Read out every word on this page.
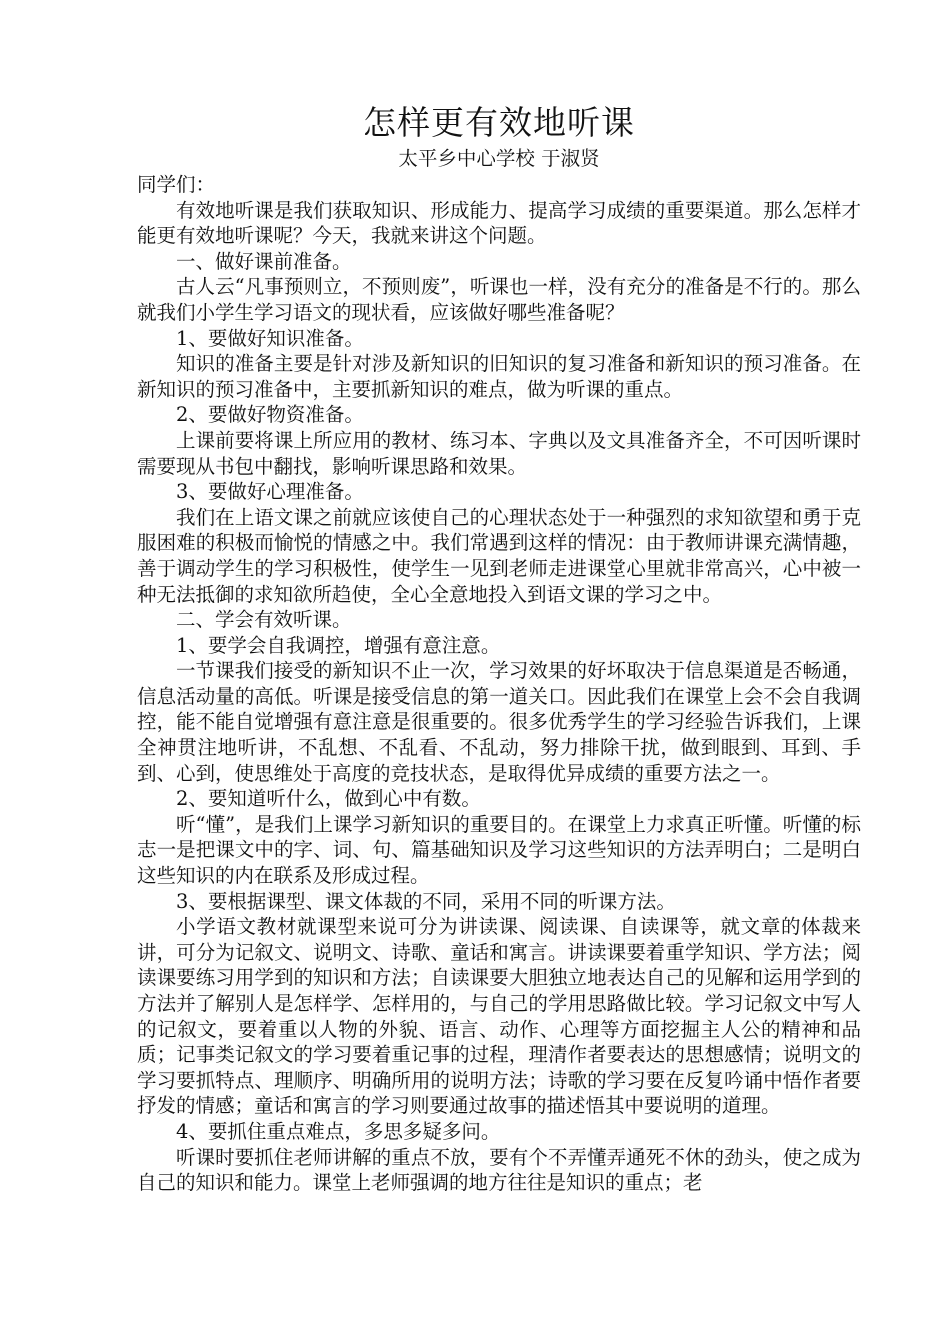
怎样更有效地听课

太平乡中心学校 于淑贤

同学们：

有效地听课是我们获取知识、形成能力、提高学习成绩的重要渠道。那么怎样才能更有效地听课呢？今天，我就来讲这个问题。

一、做好课前准备。

古人云“凡事预则立，不预则废”，听课也一样，没有充分的准备是不行的。那么就我们小学生学习语文的现状看，应该做好哪些准备呢？

1、要做好知识准备。

知识的准备主要是针对涉及新知识的旧知识的复习准备和新知识的预习准备。在新知识的预习准备中，主要抓新知识的难点，做为听课的重点。

2、要做好物资准备。

上课前要将课上所应用的教材、练习本、字典以及文具准备齐全，不可因听课时需要现从书包中翻找，影响听课思路和效果。

3、要做好心理准备。

我们在上语文课之前就应该使自己的心理状态处于一种强烈的求知欲望和勇于克服困难的积极而愉悦的情感之中。我们常遇到这样的情况：由于教师讲课充满情趣，善于调动学生的学习积极性，使学生一见到老师走进课堂心里就非常高兴，心中被一种无法抵御的求知欲所趋使，全心全意地投入到语文课的学习之中。

二、学会有效听课。

1、要学会自我调控，增强有意注意。

一节课我们接受的新知识不止一次，学习效果的好坏取决于信息渠道是否畅通，信息活动量的高低。听课是接受信息的第一道关口。因此我们在课堂上会不会自我调控，能不能自觉增强有意注意是很重要的。很多优秀学生的学习经验告诉我们，上课全神贯注地听讲，不乱想、不乱看、不乱动，努力排除干扰，做到眼到、耳到、手到、心到，使思维处于高度的竞技状态，是取得优异成绩的重要方法之一。

2、要知道听什么，做到心中有数。

听“懂”，是我们上课学习新知识的重要目的。在课堂上力求真正听懂。听懂的标志一是把课文中的字、词、句、篇基础知识及学习这些知识的方法弄明白；二是明白这些知识的内在联系及形成过程。

3、要根据课型、课文体裁的不同，采用不同的听课方法。

小学语文教材就课型来说可分为讲读课、阅读课、自读课等，就文章的体裁来讲，可分为记叙文、说明文、诗歌、童话和寓言。讲读课要着重学知识、学方法；阅读课要练习用学到的知识和方法；自读课要大胆独立地表达自己的见解和运用学到的方法并了解别人是怎样学、怎样用的，与自己的学用思路做比较。学习记叙文中写人的记叙文，要着重以人物的外貌、语言、动作、心理等方面挖掘主人公的精神和品质；记事类记叙文的学习要着重记事的过程，理清作者要表达的思想感情；说明文的学习要抓特点、理顺序、明确所用的说明方法；诗歌的学习要在反复吟诵中悟作者要抒发的情感；童话和寓言的学习则要通过故事的描述悟其中要说明的道理。

4、要抓住重点难点，多思多疑多问。

听课时要抓住老师讲解的重点不放，要有个不弄懂弄通死不休的劲头，使之成为自己的知识和能力。课堂上老师强调的地方往往是知识的重点；老
